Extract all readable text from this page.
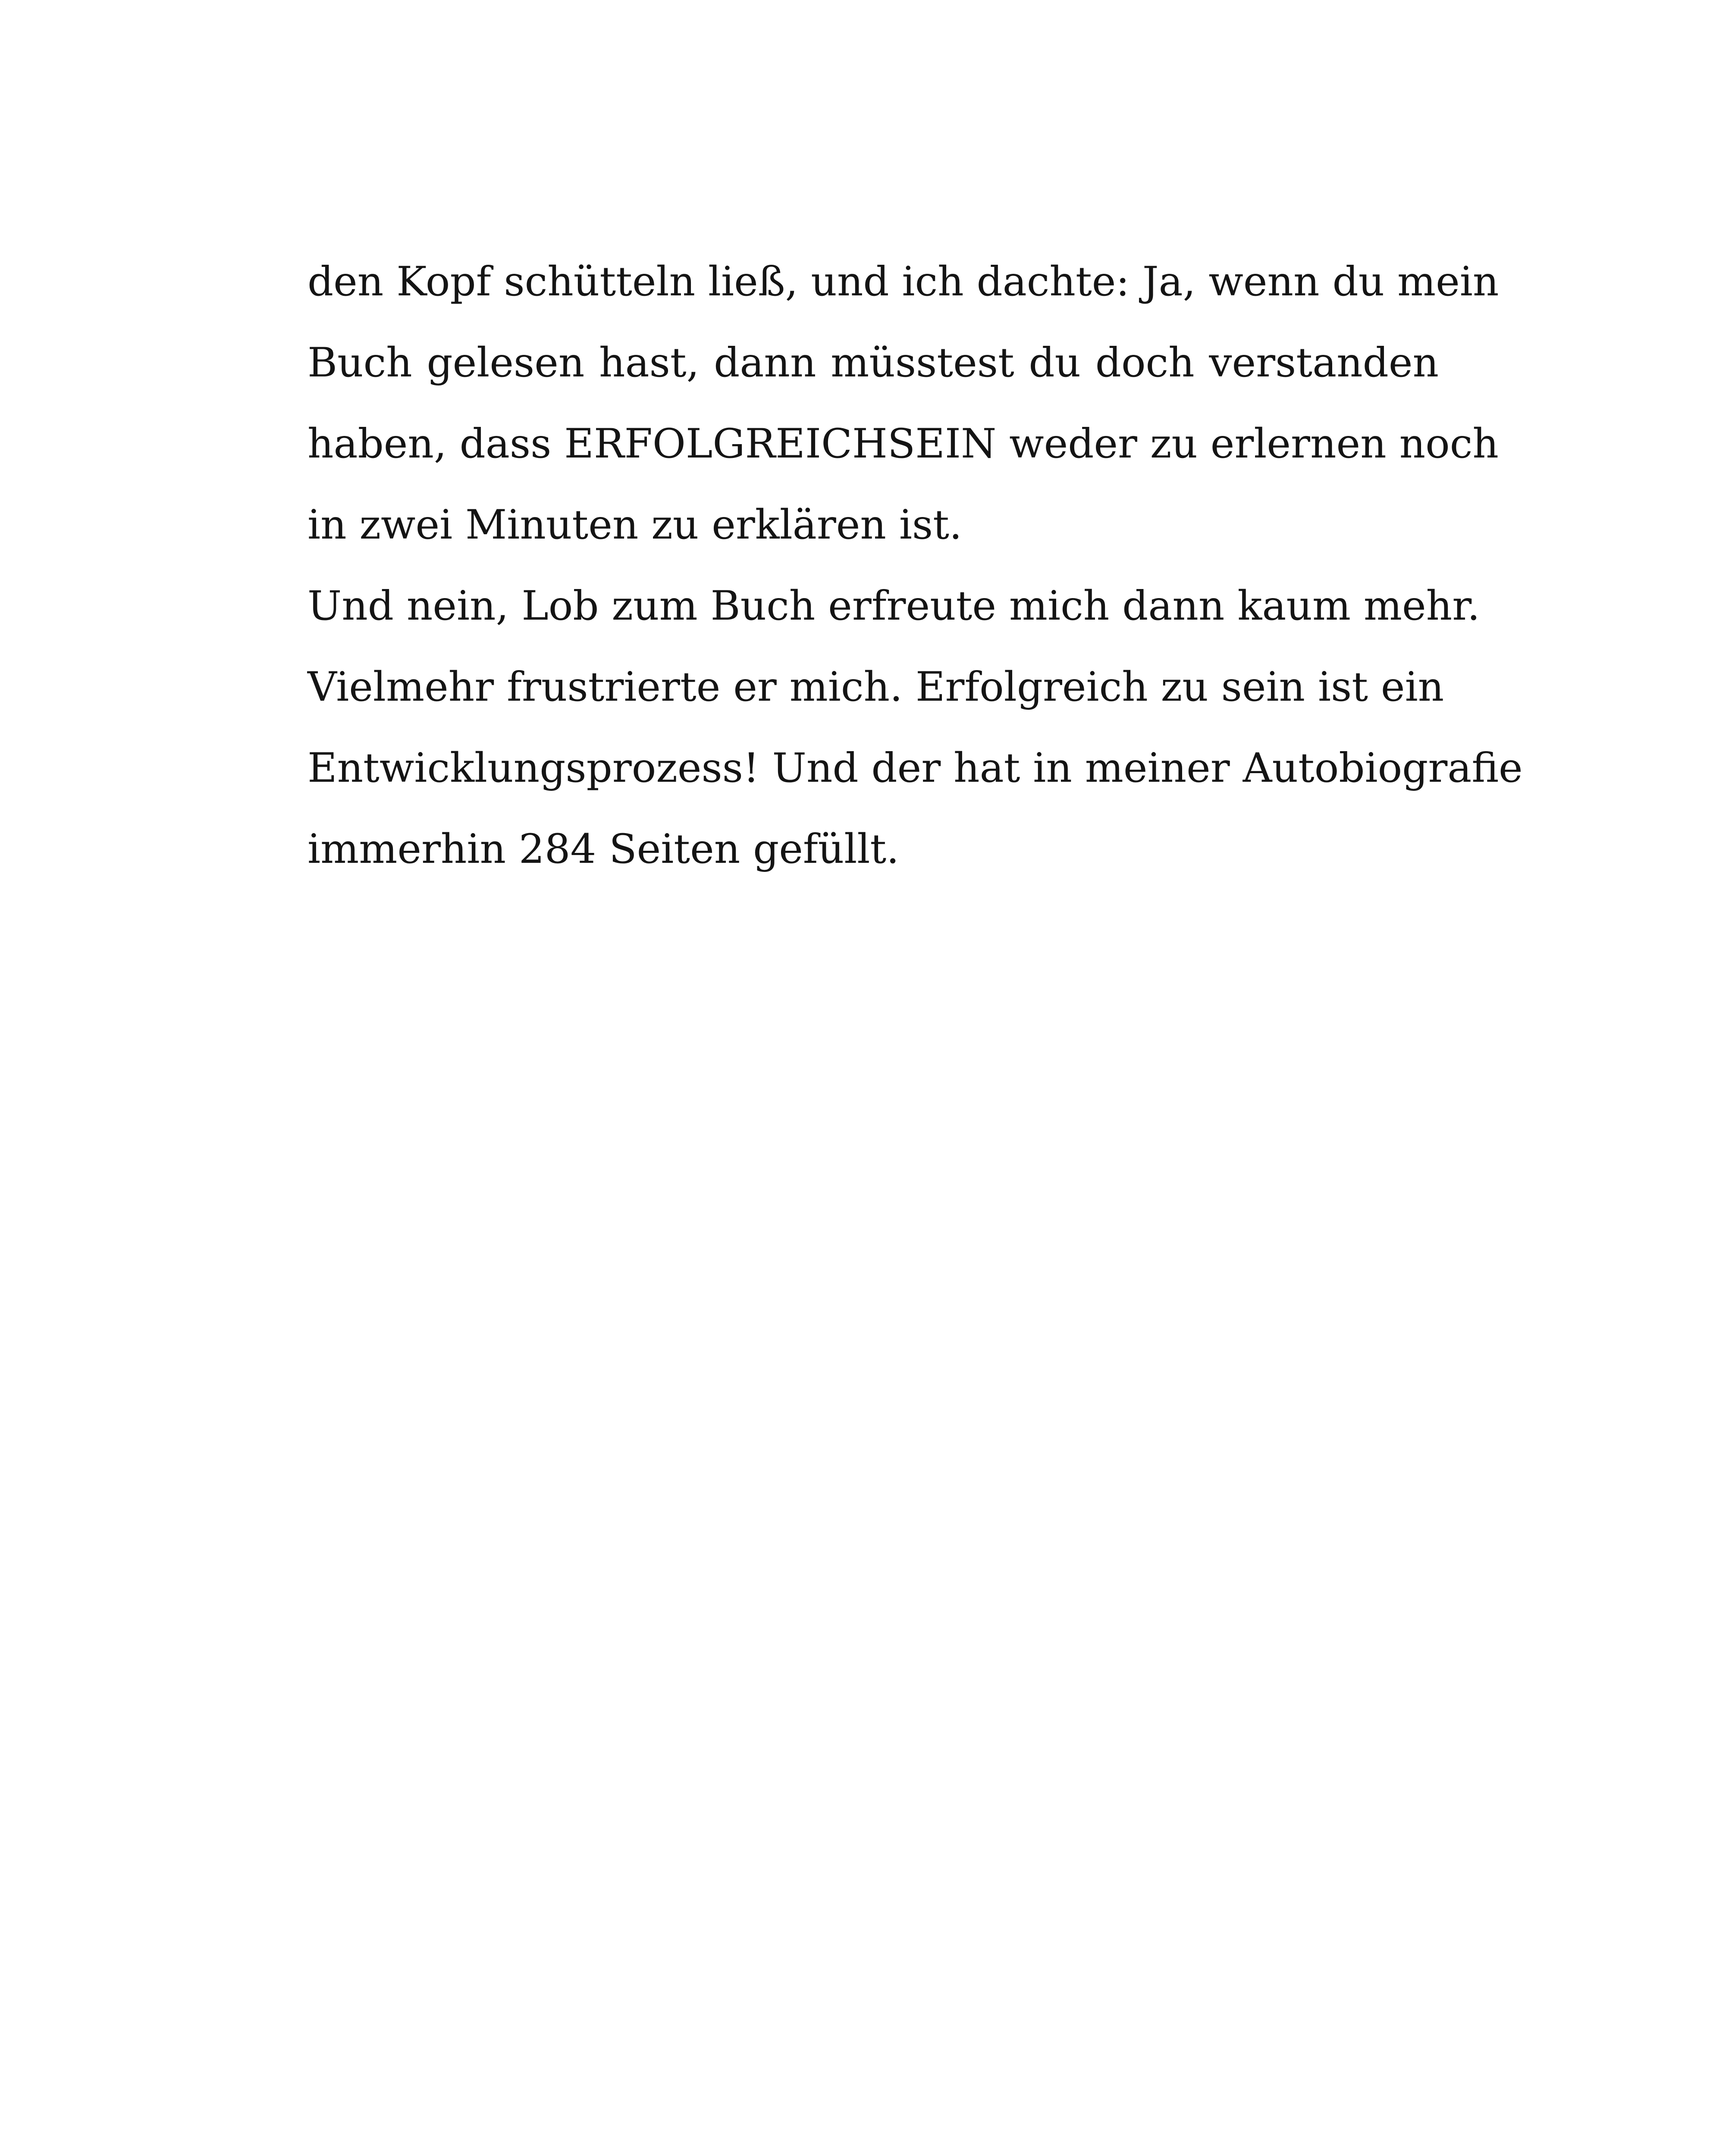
den Kopf schütteln ließ, und ich dachte: Ja, wenn du mein
Buch gelesen hast, dann müsstest du doch verstanden
haben, dass ERFOLGREICHSEIN weder zu erlernen noch
in zwei Minuten zu erklären ist.
Und nein, Lob zum Buch erfreute mich dann kaum mehr.
Vielmehr frustrierte er mich. Erfolgreich zu sein ist ein
Entwicklungsprozess! Und der hat in meiner Autobiografie
immerhin 284 Seiten gefüllt.
